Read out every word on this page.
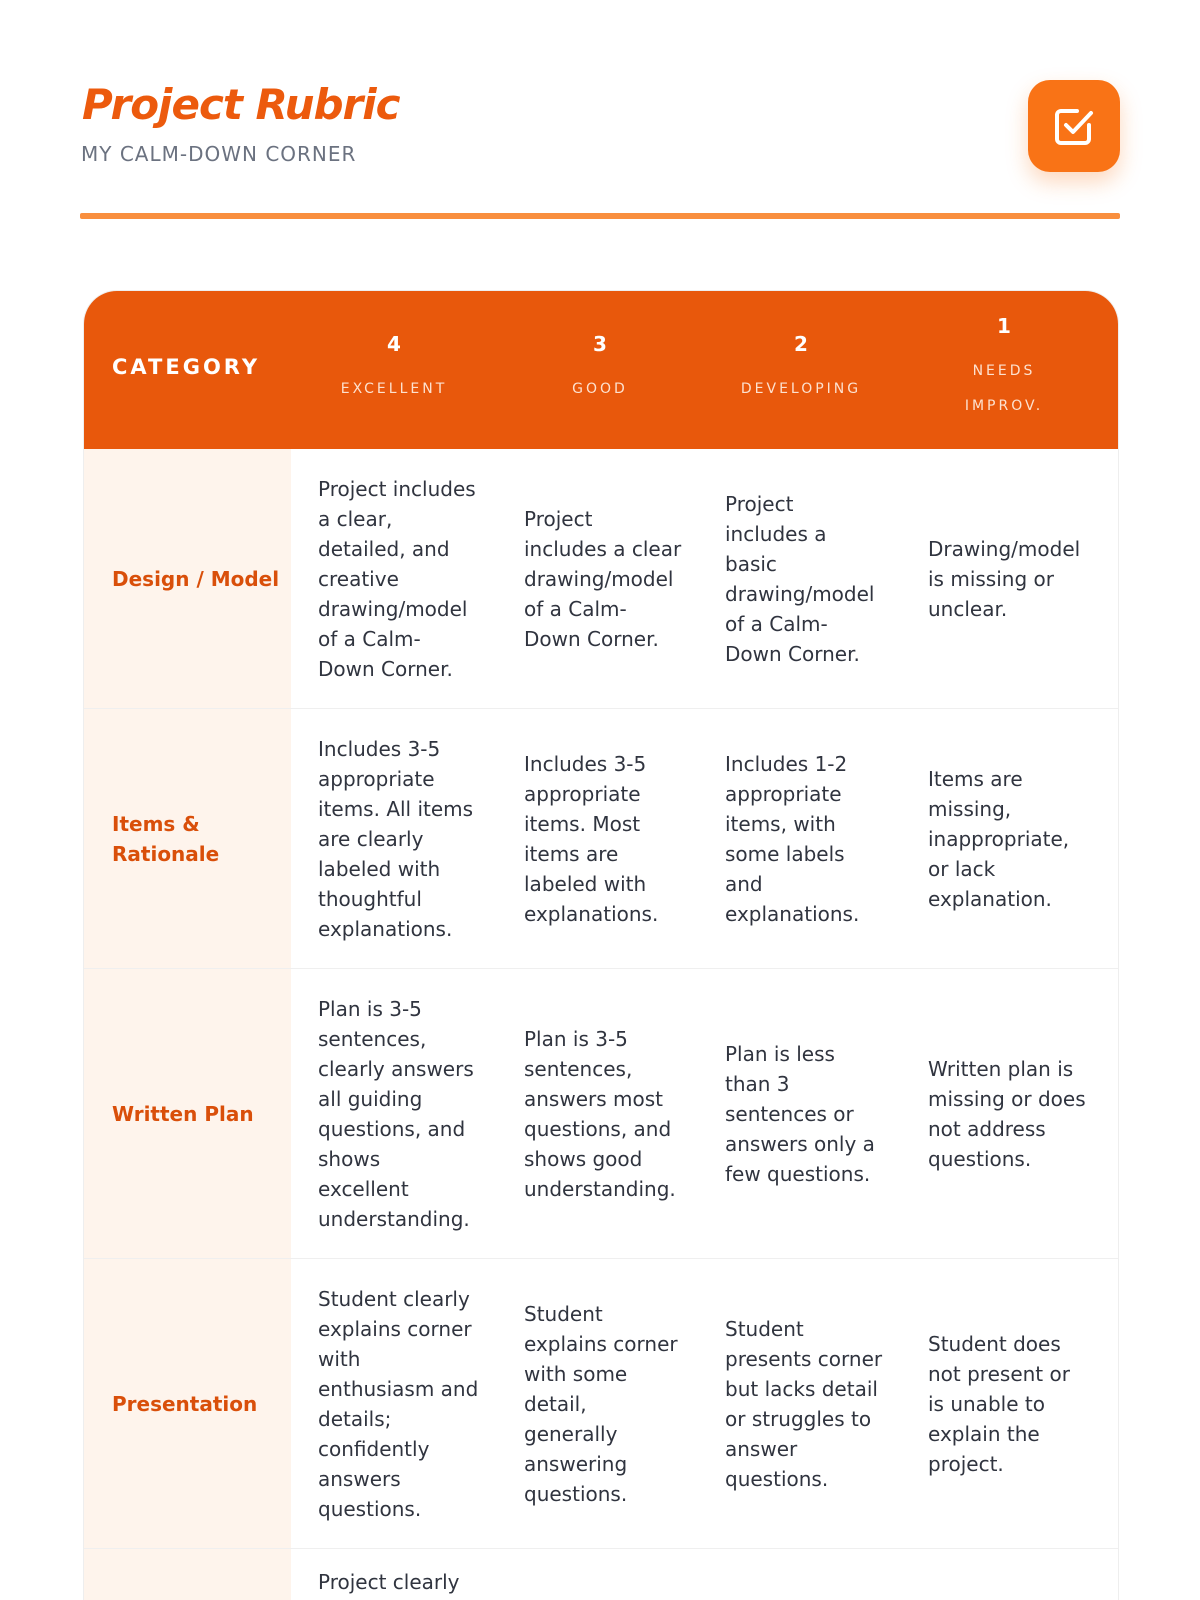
Project Rubric
MY CALM-DOWN CORNER
CATEGORY
4
EXCELLENT
3
GOOD
2
DEVELOPING
1
NEEDS
IMPROV.
Design / Model
Project includes
a clear,
detailed, and
creative
drawing/model
of a Calm-
Down Corner.
Project
includes a clear
drawing/model
of a Calm-
Down Corner.
Project
includes a
basic
drawing/model
of a Calm-
Down Corner.
Drawing/model
is missing or
unclear.
Items &
Rationale
Includes 3-5
appropriate
items. All items
are clearly
labeled with
thoughtful
explanations.
Includes 3-5
appropriate
items. Most
items are
labeled with
explanations.
Includes 1-2
appropriate
items, with
some labels
and
explanations.
Items are
missing,
inappropriate,
or lack
explanation.
Written Plan
Plan is 3-5
sentences,
clearly answers
all guiding
questions, and
shows
excellent
understanding.
Plan is 3-5
sentences,
answers most
questions, and
shows good
understanding.
Plan is less
than 3
sentences or
answers only a
few questions.
Written plan is
missing or does
not address
questions.
Presentation
Student clearly
explains corner
with
enthusiasm and
details;
confidently
answers
questions.
Student
explains corner
with some
detail,
generally
answering
questions.
Student
presents corner
but lacks detail
or struggles to
answer
questions.
Student does
not present or
is unable to
explain the
project.
Project clearly
